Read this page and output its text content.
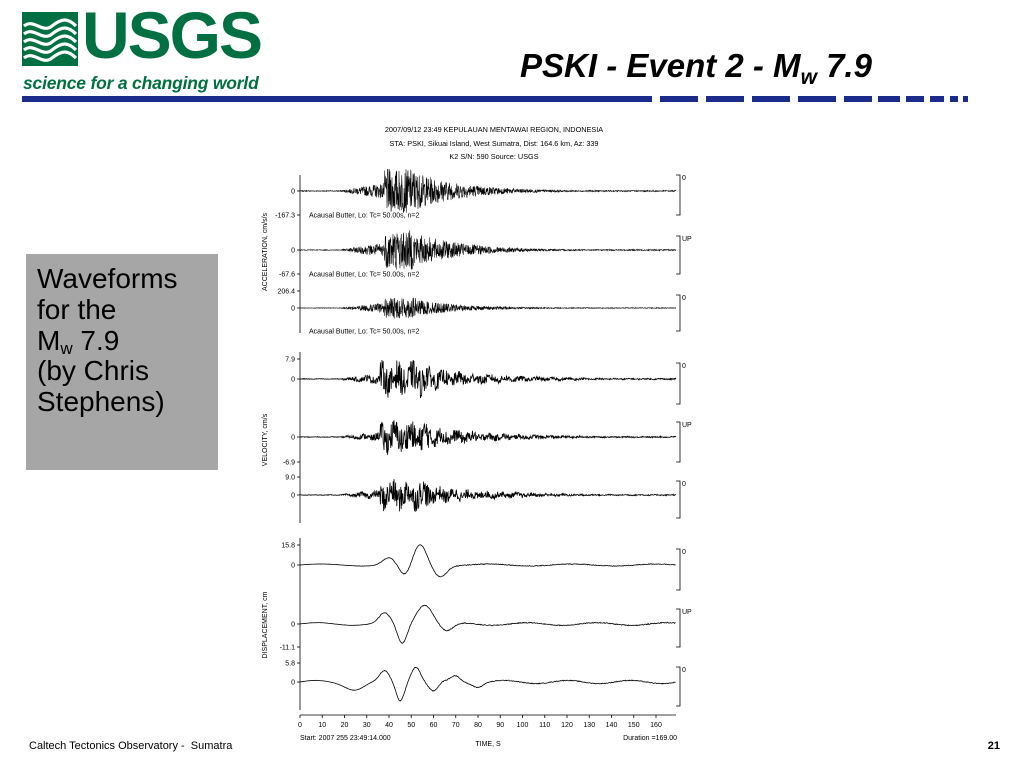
USGS
science for a changing world	PSKI - Event $2 - M_w$ 7.9
Waveforms
for the
$M_w$ 7.9
(by Chris
Stephens)
2007/09/12 23:49 KEPULAUAN MENTAWAI REGION, INDONESIA
STA: PSKI, Sikuai Island, West Sumatra, Dist: 164.6 km, Az: 339
K2 S/N: 590 Source: USGS
ACCELERATION, cm/s/s
VELOCITY, cm/s
DISPLACEMENT, cm
0
-167.3 Acausal Butter, Lo: Tc= 50.00s, n=2
0
0
-67.6 Acausal Butter, Lo: Tc= 50.00s, n=2
UP
0
206.4
Acausal Butter, Lo: Tc= 50.00s, n=2
0
0
7.9
0
0
-6.9
UP
0
9.0
0
0
15.8
0
0
-11.1
UP
0
5.8
0
0 10 20 30 40 50 60 70 80 90 100 110 120 130 140 150 160
Start: 2007 255 23:49:14.000
TIME, S
Duration =169.00
Caltech Tectonics Observatory -  Sumatra	21
